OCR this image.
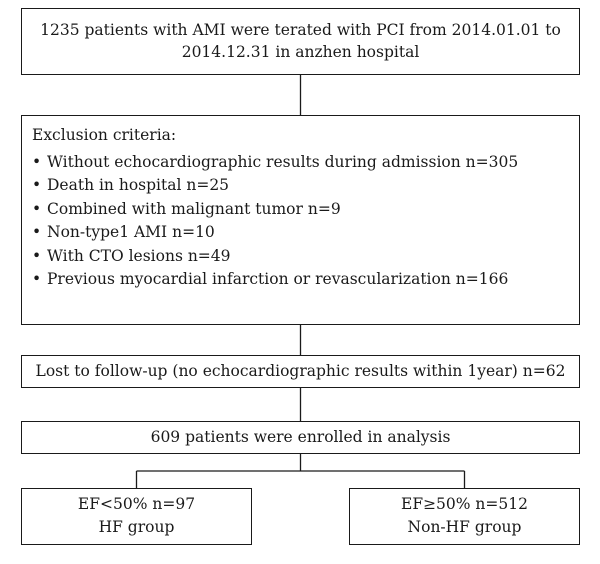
1235 patients with AMI were terated with PCI from 2014.01.01 to
2014.12.31 in anzhen hospital
Exclusion criteria:
• Without echocardiographic results during admission n=305
• Death in hospital n=25
• Combined with malignant tumor n=9
• Non-type1 AMI n=10
• With CTO lesions n=49
• Previous myocardial infarction or revascularization n=166
Lost to follow-up (no echocardiographic results within 1year) n=62
609 patients were enrolled in analysis
EF<50% n=97
HF group
EF≥50% n=512
Non-HF group
